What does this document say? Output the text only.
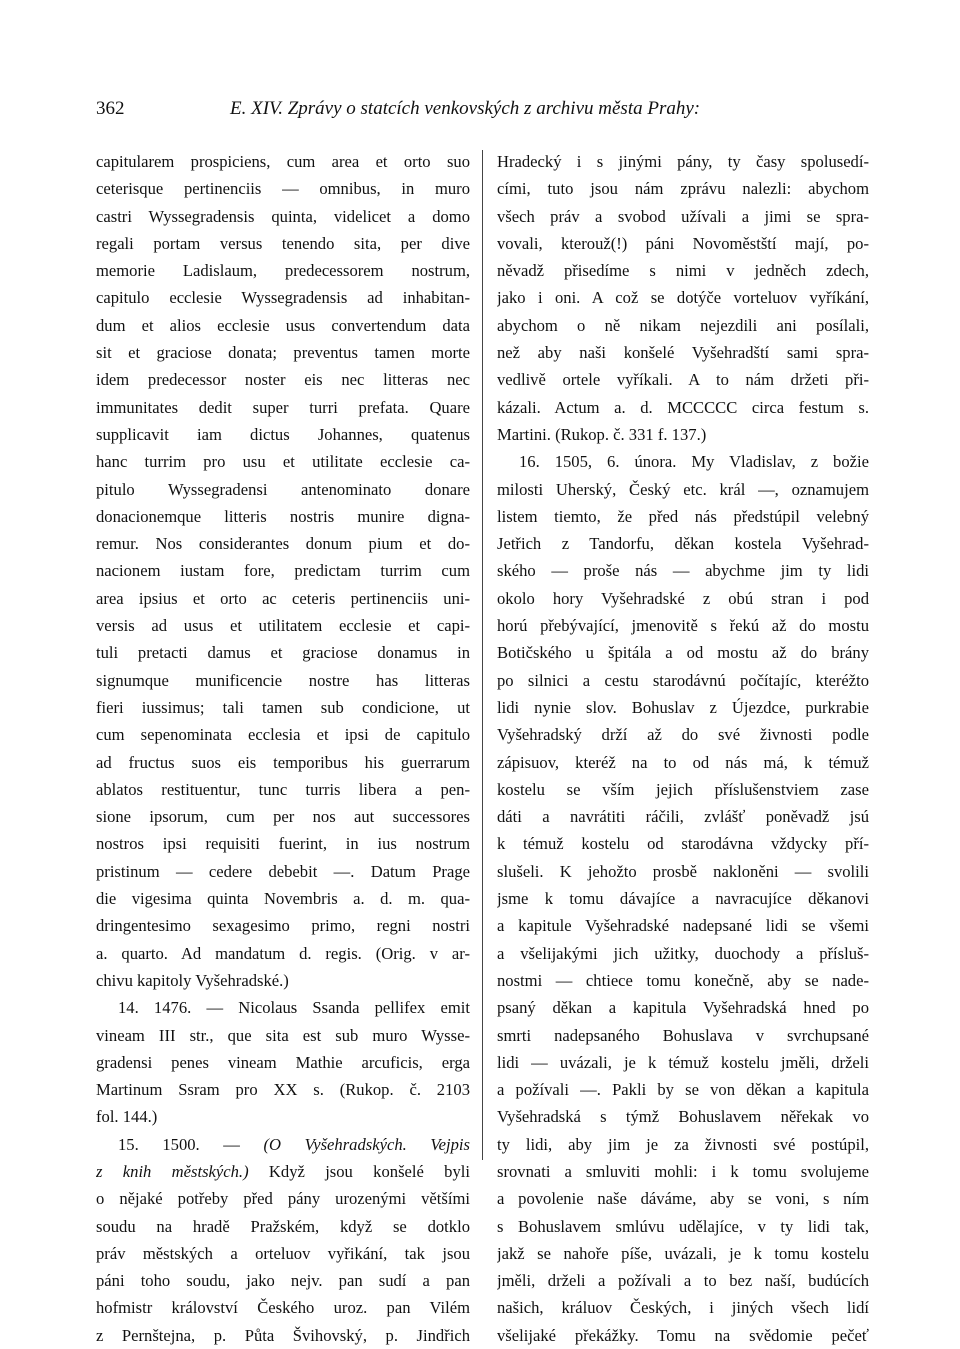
362	E. XIV. Zprávy o statcích venkovských z archivu města Prahy:
capitularem prospiciens, cum area et orto suo
ceterisque pertinenciis — omnibus, in muro
castri Wyssegradensis quinta, videlicet a domo
regali portam versus tenendo sita, per dive
memorie Ladislaum, predecessorem nostrum,
capitulo ecclesie Wyssegradensis ad inhabitan-
dum et alios ecclesie usus convertendum data
sit et graciose donata; preventus tamen morte
idem predecessor noster eis nec litteras nec
immunitates dedit super turri prefata. Quare
supplicavit iam dictus Johannes, quatenus
hanc turrim pro usu et utilitate ecclesie ca-
pitulo Wyssegradensi antenominato donare
donacionemque litteris nostris munire digna-
remur. Nos considerantes donum pium et do-
nacionem iustam fore, predictam turrim cum
area ipsius et orto ac ceteris pertinenciis uni-
versis ad usus et utilitatem ecclesie et capi-
tuli pretacti damus et graciose donamus in
signumque munificencie nostre has litteras
fieri iussimus; tali tamen sub condicione, ut
cum sepenominata ecclesia et ipsi de capitulo
ad fructus suos eis temporibus his guerrarum
ablatos restituentur, tunc turris libera a pen-
sione ipsorum, cum per nos aut successores
nostros ipsi requisiti fuerint, in ius nostrum
pristinum — cedere debebit —. Datum Prage
die vigesima quinta Novembris a. d. m. qua-
dringentesimo sexagesimo primo, regni nostri
a. quarto. Ad mandatum d. regis. (Orig. v ar-
chivu kapitoly Vyšehradské.)
14. 1476. — Nicolaus Ssanda pellifex emit
vineam III str., que sita est sub muro Wysse-
gradensi penes vineam Mathie arcuficis, erga
Martinum Ssram pro XX s. (Rukop. č. 2103
fol. 144.)
15. 1500. — (O Vyšehradských. Vejpis
z knih městských.) Když jsou konšelé byli
o nějaké potřeby před pány urozenými většími
soudu na hradě Pražském, když se dotklo
práv městských a orteluov vyřikání, tak jsou
páni toho soudu, jako nejv. pan sudí a pan
hofmistr království Českého uroz. pan Vilém
z Pernštejna, p. Půta Švihovský, p. Jindřich
Hradecký i s jinými pány, ty časy spolusedí-
cími, tuto jsou nám zprávu nalezli: abychom
všech práv a svobod užívali a jimi se spra-
vovali, kterouž(!) páni Novoměstští mají, po-
něvadž přisedíme s nimi v jedněch zdech,
jako i oni. A což se dotýče vorteluov vyříkání,
abychom o ně nikam nejezdili ani posílali,
než aby naši konšelé Vyšehradští sami spra-
vedlivě ortele vyříkali. A to nám držeti při-
kázali. Actum a. d. MCCCCC circa festum s.
Martini. (Rukop. č. 331 f. 137.)
16. 1505, 6. února. My Vladislav, z božie
milosti Uherský, Český etc. král —, oznamujem
listem tiemto, že před nás předstúpil velebný
Jetřich z Tandorfu, děkan kostela Vyšehrad-
ského — proše nás — abychme jim ty lidi
okolo hory Vyšehradské z obú stran i pod
horú přebývající, jmenovitě s řekú až do mostu
Botičského u špitála a od mostu až do brány
po silnici a cestu starodávnú počítajíc, kteréžto
lidi nynie slov. Bohuslav z Újezdce, purkrabie
Vyšehradský drží až do své živnosti podle
zápisuov, kteréž na to od nás má, k témuž
kostelu se vším jejich příslušenstviem zase
dáti a navrátiti ráčili, zvlášť poněvadž jsú
k témuž kostelu od starodávna vždycky pří-
slušeli. K jehožto prosbě nakloněni — svolili
jsme k tomu dávajíce a navracujíce děkanovi
a kapitule Vyšehradské nadepsané lidi se všemi
a všelijakými jich užitky, duochody a přísluš-
nostmi — chtiece tomu konečně, aby se nade-
psaný děkan a kapitula Vyšehradská hned po
smrti nadepsaného Bohuslava v svrchupsané
lidi — uvázali, je k témuž kostelu jměli, drželi
a požívali —. Pakli by se von děkan a kapitula
Vyšehradská s týmž Bohuslavem něřekak vo
ty lidi, aby jim je za živnosti své postúpil,
srovnati a smluviti mohli: i k tomu svolujeme
a povolenie naše dáváme, aby se voni, s ním
s Bohuslavem smlúvu udělajíce, v ty lidi tak,
jakž se nahoře píše, uvázali, je k tomu kostelu
jměli, drželi a požívali a to bez naší, budúcích
našich, králuov Českých, i jiných všech lidí
všelijaké překážky. Tomu na svědomie pečeť
